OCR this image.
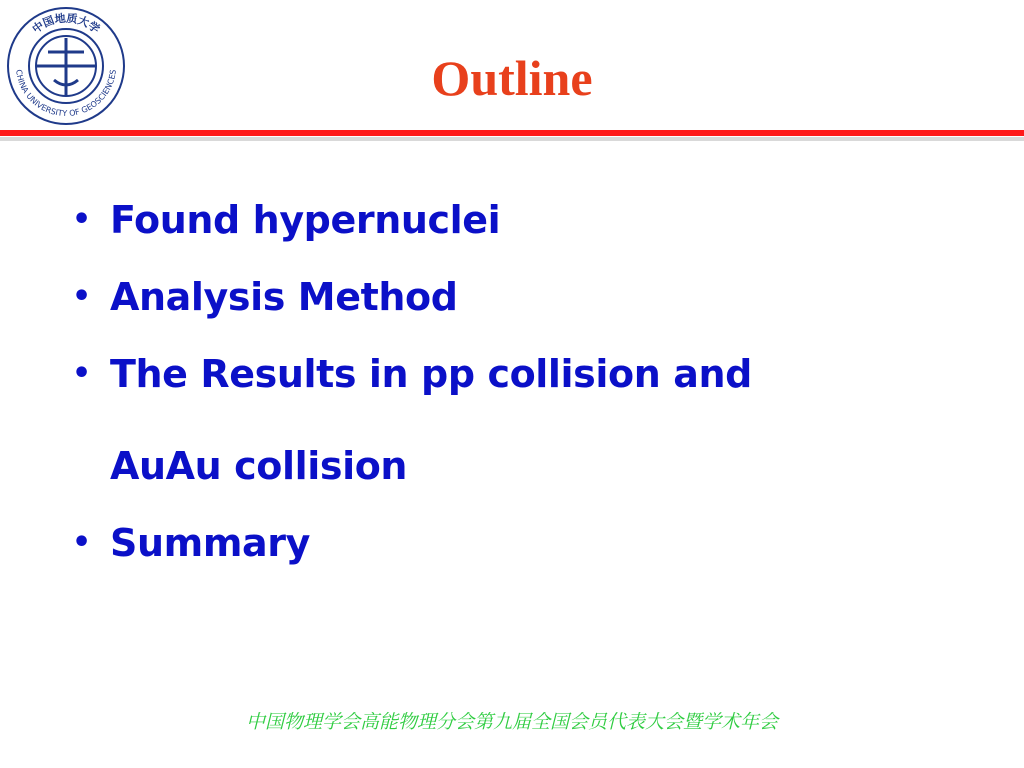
中国地质大学
CHINA UNIVERSITY OF GEOSCIENCES	Outline
• Found hypernuclei
• Analysis Method
• The Results in pp collision and
AuAu collision
• Summary
中国物理学会高能物理分会第九届全国会员代表大会暨学术年会
